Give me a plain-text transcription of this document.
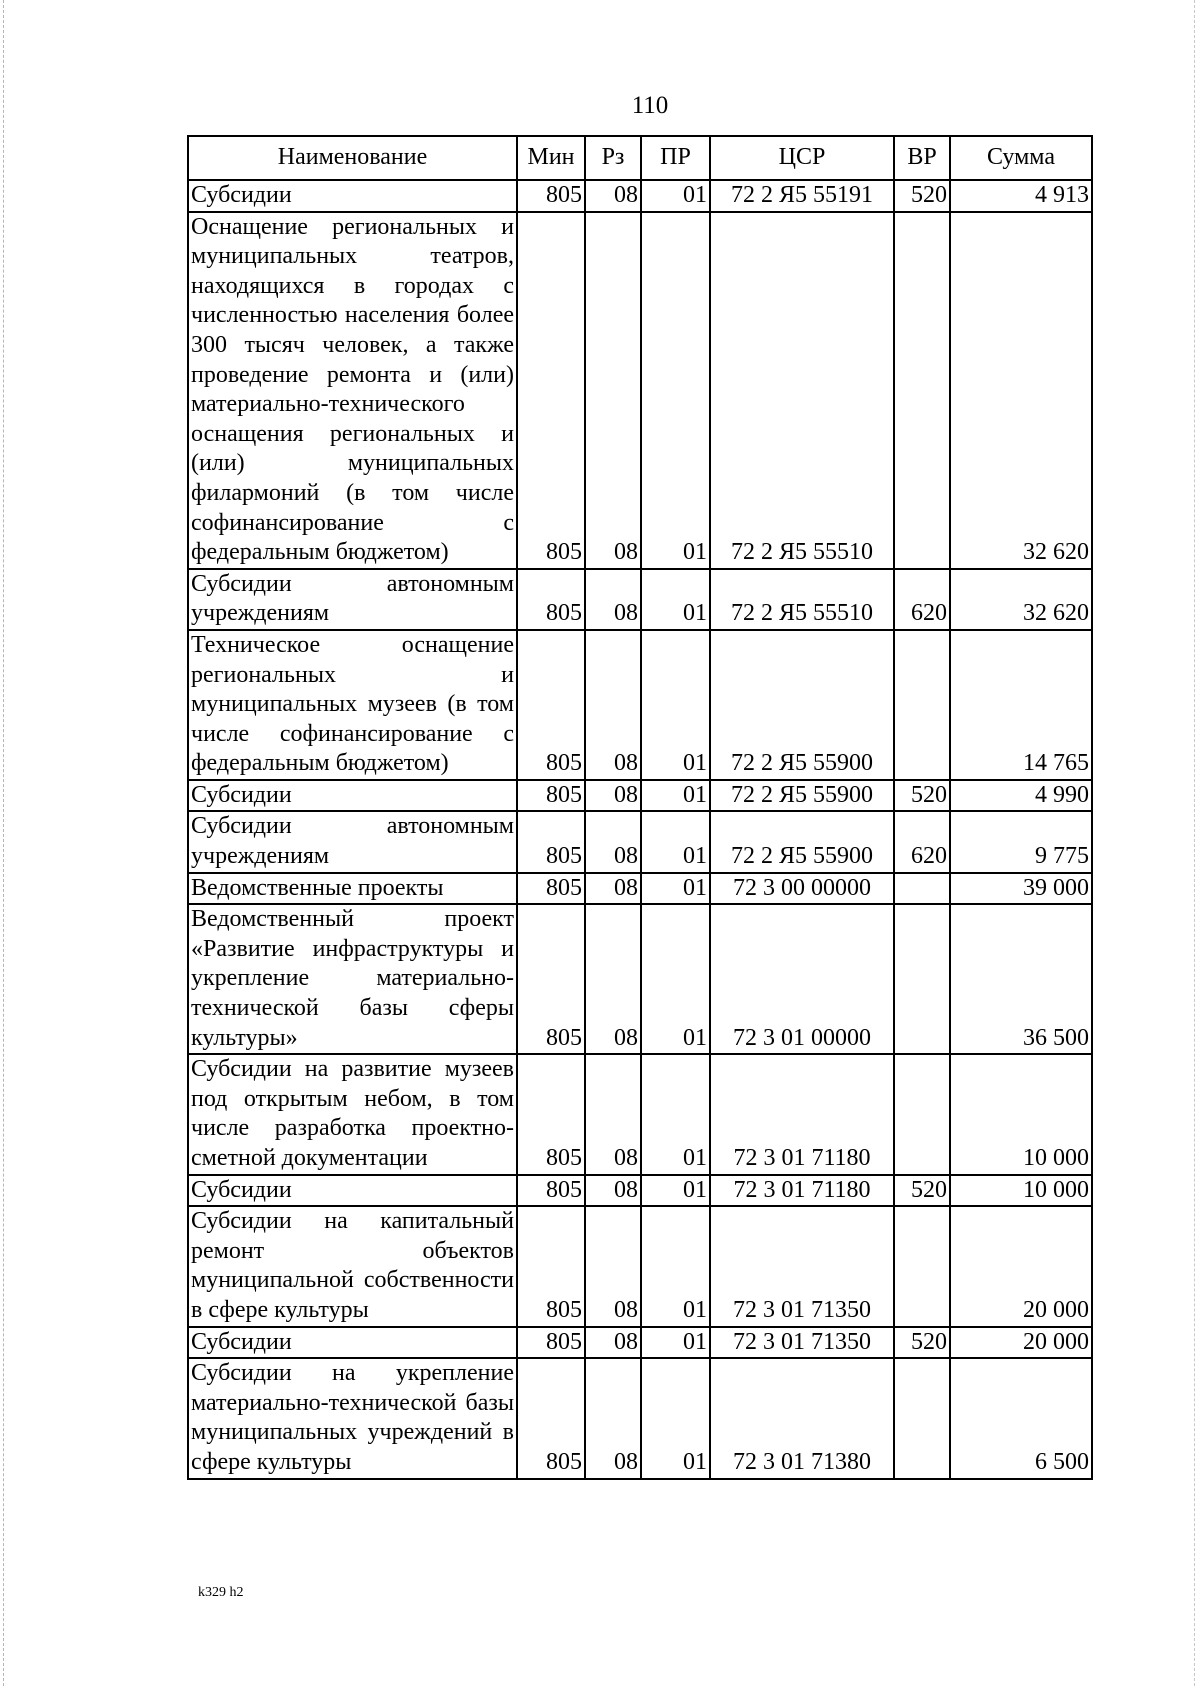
110
Наименование	Мин	Рз	ПР	ЦСР	ВР	Сумма
Субсидии	805	08	01	72 2 Я5 55191	520	4 913
Оснащение региональных и муниципальных театров, находящихся в городах с численностью населения более 300 тысяч человек, а также проведение ремонта и (или) материально-технического оснащения региональных и (или) муниципальных филармоний (в том числе софинансирование с федеральным бюджетом)	805	08	01	72 2 Я5 55510		32 620
Субсидии автономным учреждениям	805	08	01	72 2 Я5 55510	620	32 620
Техническое оснащение региональных и муниципальных музеев (в том числе софинансирование с федеральным бюджетом)	805	08	01	72 2 Я5 55900		14 765
Субсидии	805	08	01	72 2 Я5 55900	520	4 990
Субсидии автономным учреждениям	805	08	01	72 2 Я5 55900	620	9 775
Ведомственные проекты	805	08	01	72 3 00 00000		39 000
Ведомственный проект «Развитие инфраструктуры и укрепление материально-технической базы сферы культуры»	805	08	01	72 3 01 00000		36 500
Субсидии на развитие музеев под открытым небом, в том числе разработка проектно-сметной документации	805	08	01	72 3 01 71180		10 000
Субсидии	805	08	01	72 3 01 71180	520	10 000
Субсидии на капитальный ремонт объектов муниципальной собственности в сфере культуры	805	08	01	72 3 01 71350		20 000
Субсидии	805	08	01	72 3 01 71350	520	20 000
Субсидии на укрепление материально-технической базы муниципальных учреждений в сфере культуры	805	08	01	72 3 01 71380		6 500
k329 h2
